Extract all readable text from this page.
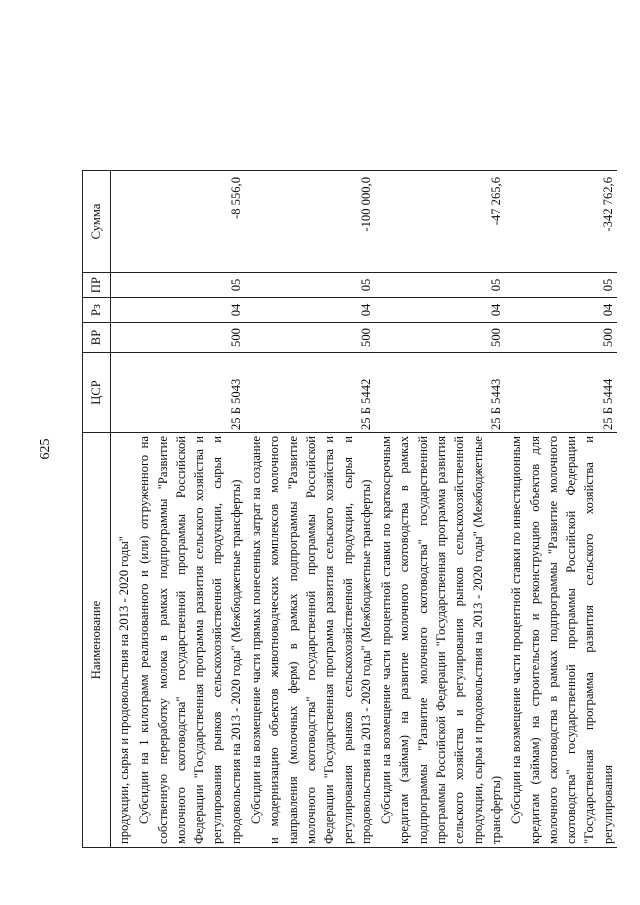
625
Наименование	ЦСР	ВР	Рз	ПР	Сумма
продукции, сырья и продовольствия на 2013 - 2020 годы"					

Субсидии на 1 килограмм реализованного и (или) отгруженного на собственную переработку молока в рамках подпрограммы "Развитие молочного скотоводства" государственной программы Российской Федерации "Государственная программа развития сельского хозяйства и регулирования рынков сельскохозяйственной продукции, сырья и продовольствия на 2013 - 2020 годы" (Межбюджетные трансферты)	25 Б 5043	500	04	05	-8 556,0

Субсидии на возмещение части прямых понесенных затрат на создание и модернизацию объектов животноводческих комплексов молочного направления (молочных ферм) в рамках подпрограммы "Развитие молочного скотоводства" государственной программы Российской Федерации "Государственная программа развития сельского хозяйства и регулирования рынков сельскохозяйственной продукции, сырья и продовольствия на 2013 - 2020 годы" (Межбюджетные трансферты)	25 Б 5442	500	04	05	-100 000,0

Субсидии на возмещение части процентной ставки по краткосрочным кредитам (займам) на развитие молочного скотоводства в рамках подпрограммы "Развитие молочного скотоводства" государственной программы Российской Федерации "Государственная программа развития сельского хозяйства и регулирования рынков сельскохозяйственной продукции, сырья и продовольствия на 2013 - 2020 годы" (Межбюджетные трансферты)	25 Б 5443	500	04	05	-47 265,6

Субсидии на возмещение части процентной ставки по инвестиционным кредитам (займам) на строительство и реконструкцию объектов для молочного скотоводства в рамках подпрограммы "Развитие молочного скотоводства" государственной программы Российской Федерации "Государственная программа развития сельского хозяйства и регулирования	25 Б 5444	500	04	05	-342 762,6
